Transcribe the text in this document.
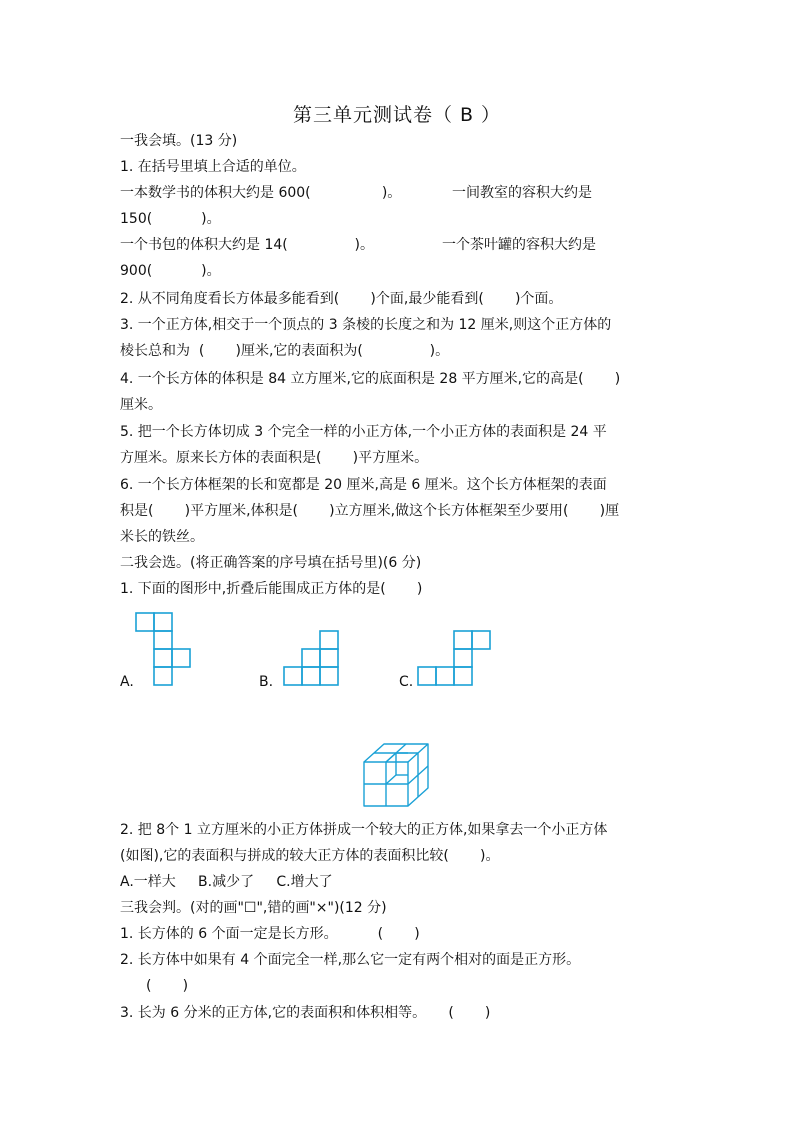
第三单元测试卷（ B ）
一我会填。(13 分)
1. 在括号里填上合适的单位。
一本数学书的体积大约是 600(                )。	一间教室的容积大约是
150(           )。
一个书包的体积大约是 14(               )。	一个茶叶罐的容积大约是
900(           )。
2. 从不同角度看长方体最多能看到(       )个面,最少能看到(       )个面。
3. 一个正方体,相交于一个顶点的 3 条棱的长度之和为 12 厘米,则这个正方体的
棱长总和为  (       )厘米,它的表面积为(               )。
4. 一个长方体的体积是 84 立方厘米,它的底面积是 28 平方厘米,它的高是(       )
厘米。
5. 把一个长方体切成 3 个完全一样的小正方体,一个小正方体的表面积是 24 平
方厘米。原来长方体的表面积是(       )平方厘米。
6. 一个长方体框架的长和宽都是 20 厘米,高是 6 厘米。这个长方体框架的表面
积是(       )平方厘米,体积是(       )立方厘米,做这个长方体框架至少要用(       )厘
米长的铁丝。
二我会选。(将正确答案的序号填在括号里)(6 分)
1. 下面的图形中,折叠后能围成正方体的是(       )
A.	B.	C.
2. 把 8个 1 立方厘米的小正方体拼成一个较大的正方体,如果拿去一个小正方体
(如图),它的表面积与拼成的较大正方体的表面积比较(       )。
A.一样大     B.减少了     C.增大了
三我会判。(对的画"☐",错的画"×")(12 分)
1. 长方体的 6 个面一定是长方形。         (       )
2. 长方体中如果有 4 个面完全一样,那么它一定有两个相对的面是正方形。
(       )
3. 长为 6 分米的正方体,它的表面积和体积相等。     (       )
